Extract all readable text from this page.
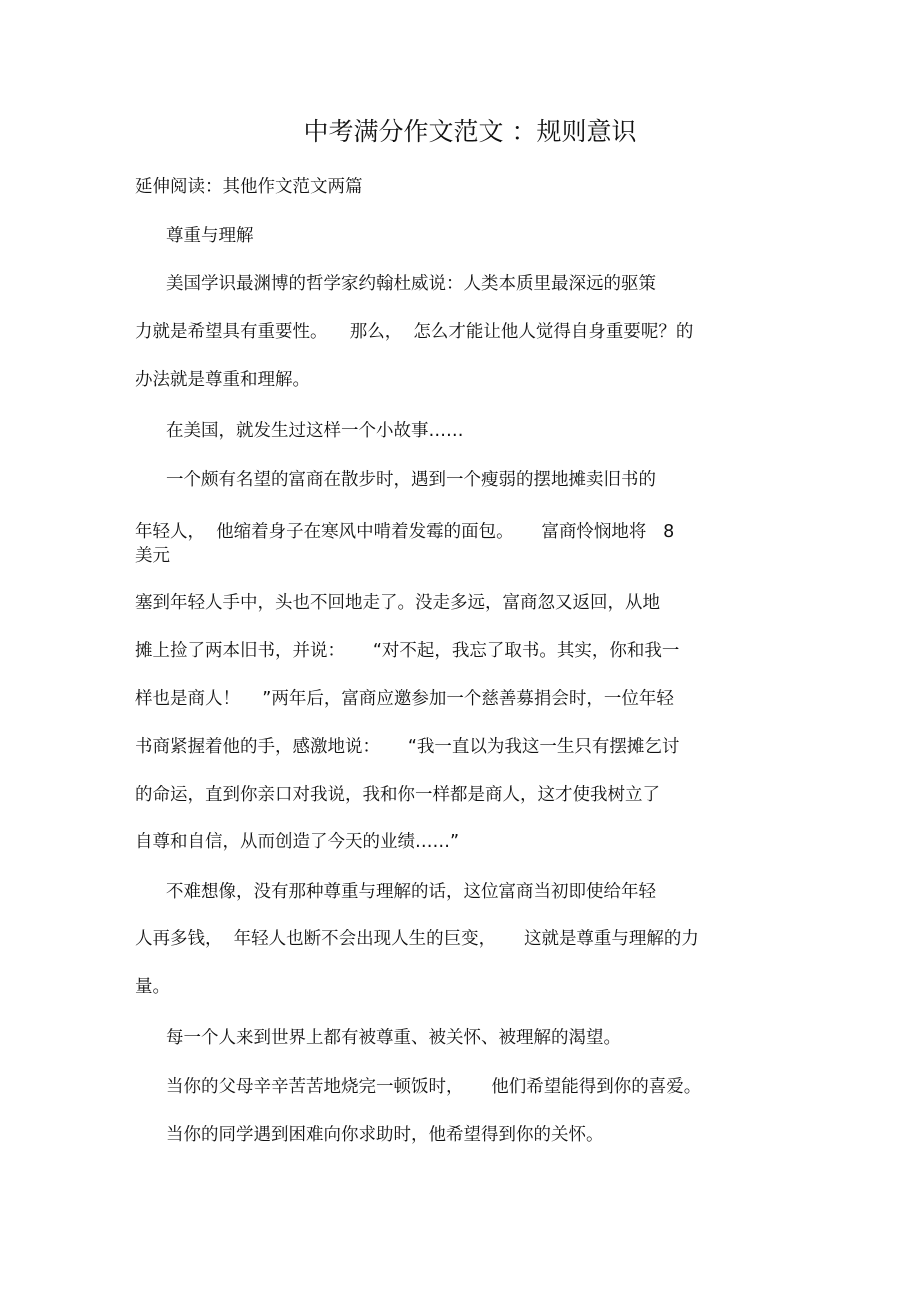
中考满分作文范文 ：规则意识
延伸阅读：其他作文范文两篇
尊重与理解
美国学识最渊博的哲学家约翰杜威说：人类本质里最深远的驱策
力就是希望具有重要性。    那么，  怎么才能让他人觉得自身重要呢？的
办法就是尊重和理解。
在美国，就发生过这样一个小故事……
一个颇有名望的富商在散步时，遇到一个瘦弱的摆地摊卖旧书的
年轻人，  他缩着身子在寒风中啃着发霉的面包。     富商怜悯地将   8
美元
塞到年轻人手中，头也不回地走了。没走多远，富商忽又返回，从地
摊上捡了两本旧书，并说：     “对不起，我忘了取书。其实，你和我一
样也是商人！    ”两年后，富商应邀参加一个慈善募捐会时，一位年轻
书商紧握着他的手，感激地说：     “我一直以为我这一生只有摆摊乞讨
的命运，直到你亲口对我说，我和你一样都是商人，这才使我树立了
自尊和自信，从而创造了今天的业绩……”
不难想像，没有那种尊重与理解的话，这位富商当初即使给年轻
人再多钱，  年轻人也断不会出现人生的巨变，     这就是尊重与理解的力
量。
每一个人来到世界上都有被尊重、被关怀、被理解的渴望。
当你的父母辛辛苦苦地烧完一顿饭时，     他们希望能得到你的喜爱。
当你的同学遇到困难向你求助时，他希望得到你的关怀。
